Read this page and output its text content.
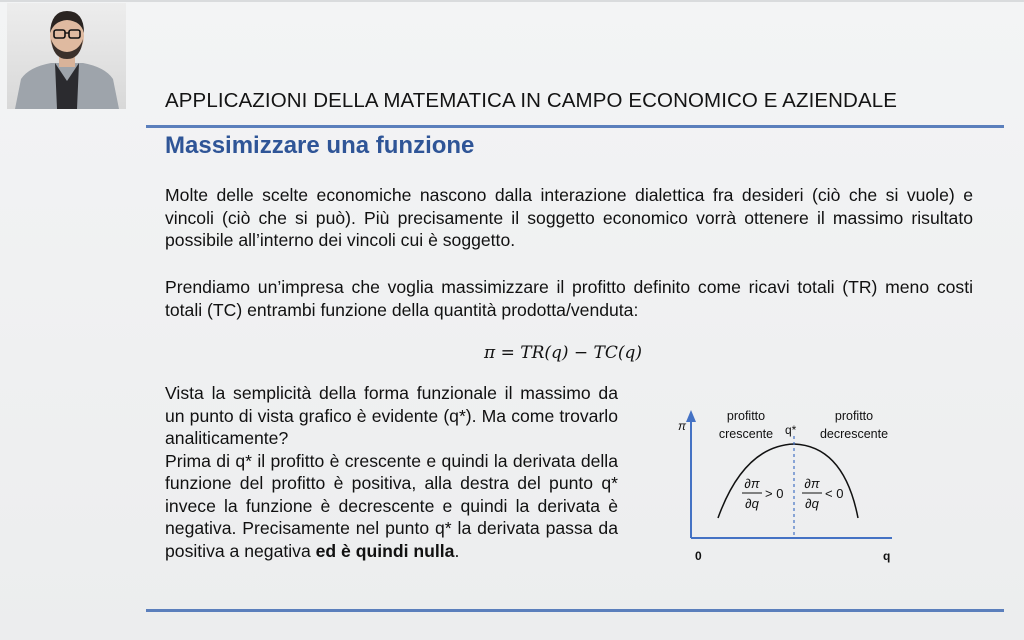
APPLICAZIONI DELLA MATEMATICA IN CAMPO ECONOMICO E AZIENDALE
Massimizzare una funzione

Molte delle scelte economiche nascono dalla interazione dialettica fra desideri (ciò che si vuole) e vincoli (ciò che si può). Più precisamente il soggetto economico vorrà ottenere il massimo risultato possibile all’interno dei vincoli cui è soggetto.

Prendiamo un’impresa che voglia massimizzare il profitto definito come ricavi totali (TR) meno costi totali (TC) entrambi funzione della quantità prodotta/venduta:

π = TR(q) − TC(q)
Vista la semplicità della forma funzionale il massimo da un punto di vista grafico è evidente (q*). Ma come trovarlo analiticamente?
Prima di q* il profitto è crescente e quindi la derivata della funzione del profitto è positiva, alla destra del punto q* invece la funzione è decrescente e quindi la derivata è negativa. Precisamente nel punto q* la derivata passa da positiva a negativa ed è quindi nulla.
π
0	q
q*
profitto
crescente
profitto
decrescente
∂π
∂q
> 0
∂π
∂q
< 0
